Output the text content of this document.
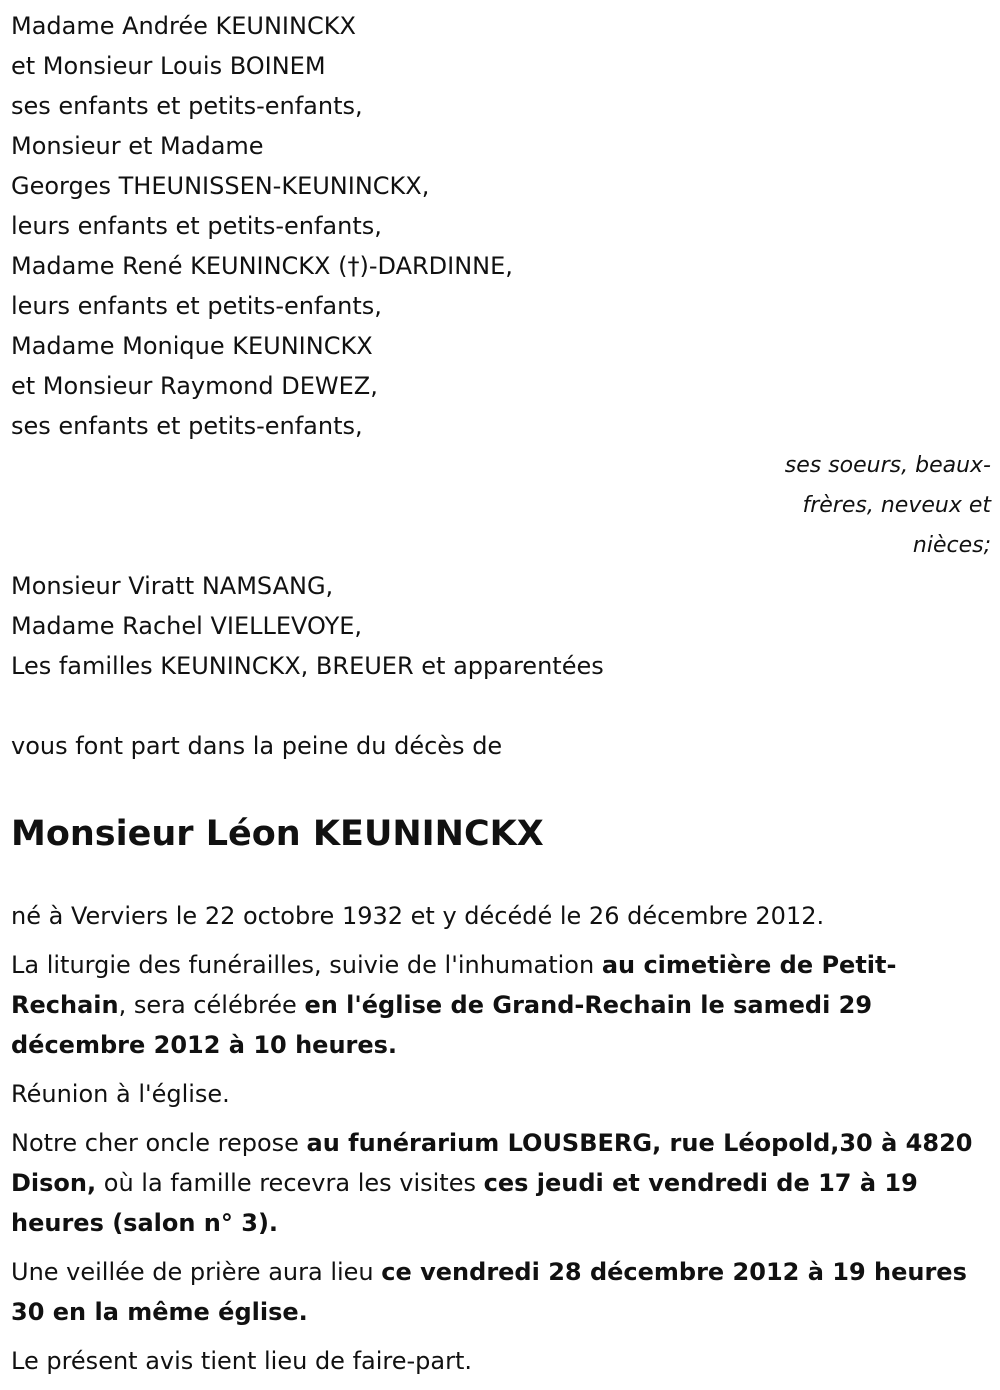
Madame Andrée KEUNINCKX
et Monsieur Louis BOINEM
ses enfants et petits-enfants,
Monsieur et Madame
Georges THEUNISSEN-KEUNINCKX,
leurs enfants et petits-enfants,
Madame René KEUNINCKX (†)-DARDINNE,
leurs enfants et petits-enfants,
Madame Monique KEUNINCKX
et Monsieur Raymond DEWEZ,
ses enfants et petits-enfants,
ses soeurs, beaux-
frères, neveux et
nièces;
Monsieur Viratt NAMSANG,
Madame Rachel VIELLEVOYE,
Les familles KEUNINCKX, BREUER et apparentées
vous font part dans la peine du décès de
Monsieur Léon KEUNINCKX

né à Verviers le 22 octobre 1932 et y décédé le 26 décembre 2012.

La liturgie des funérailles, suivie de l'inhumation au cimetière de Petit-Rechain, sera célébrée en l'église de Grand-Rechain le samedi 29 décembre 2012 à 10 heures.

Réunion à l'église.

Notre cher oncle repose au funérarium LOUSBERG, rue Léopold,30 à 4820 Dison, où la famille recevra les visites ces jeudi et vendredi de 17 à 19 heures (salon n° 3).

Une veillée de prière aura lieu ce vendredi 28 décembre 2012 à 19 heures 30 en la même église.

Le présent avis tient lieu de faire-part.
